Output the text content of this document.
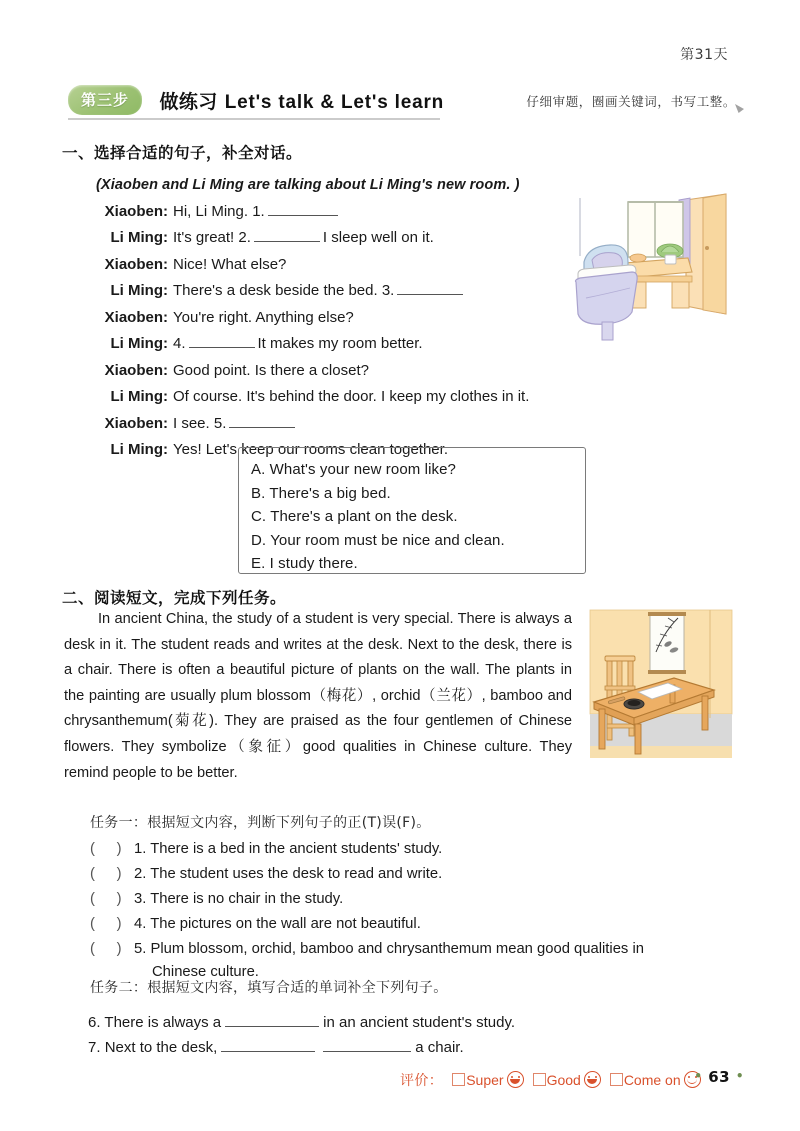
第31天
第三步 做练习 Let's talk & Let's learn	仔细审题，圈画关键词，书写工整。
一、选择合适的句子，补全对话。
(Xiaoben and Li Ming are talking about Li Ming's new room. )
Xiaoben: Hi, Li Ming. 1.
Li Ming: It's great! 2.	I sleep well on it.
Xiaoben: Nice! What else?
Li Ming: There's a desk beside the bed. 3.
Xiaoben: You're right. Anything else?
Li Ming: 4.	It makes my room better.
Xiaoben: Good point. Is there a closet?
Li Ming: Of course. It's behind the door. I keep my clothes in it.
Xiaoben: I see. 5.
Li Ming: Yes! Let's keep our rooms clean together.
A. What's your new room like?
B. There's a big bed.
C. There's a plant on the desk.
D. Your room must be nice and clean.
E. I study there.
二、阅读短文，完成下列任务。
In ancient China, the study of a student is very special. There is always a desk in it. The student reads and writes at the desk. Next to the desk, there is a chair. There is often a beautiful picture of plants on the wall. The plants in the painting are usually plum blossom（梅花）, orchid（兰花）, bamboo and chrysanthemum(菊花). They are praised as the four gentlemen of Chinese flowers. They symbolize（象征）good qualities in Chinese culture. They remind people to be better.
任务一：根据短文内容，判断下列句子的正(T)误(F)。
(     ) 1. There is a bed in the ancient students' study.
(     ) 2. The student uses the desk to read and write.
(     ) 3. There is no chair in the study.
(     ) 4. The pictures on the wall are not beautiful.
(     ) 5. Plum blossom, orchid, bamboo and chrysanthemum mean good qualities in
Chinese culture.
任务二：根据短文内容，填写合适的单词补全下列句子。
6. There is always a	in an ancient student's study.
7. Next to the desk,	a chair.
评价： Super	Good	Come on	• 63 •
